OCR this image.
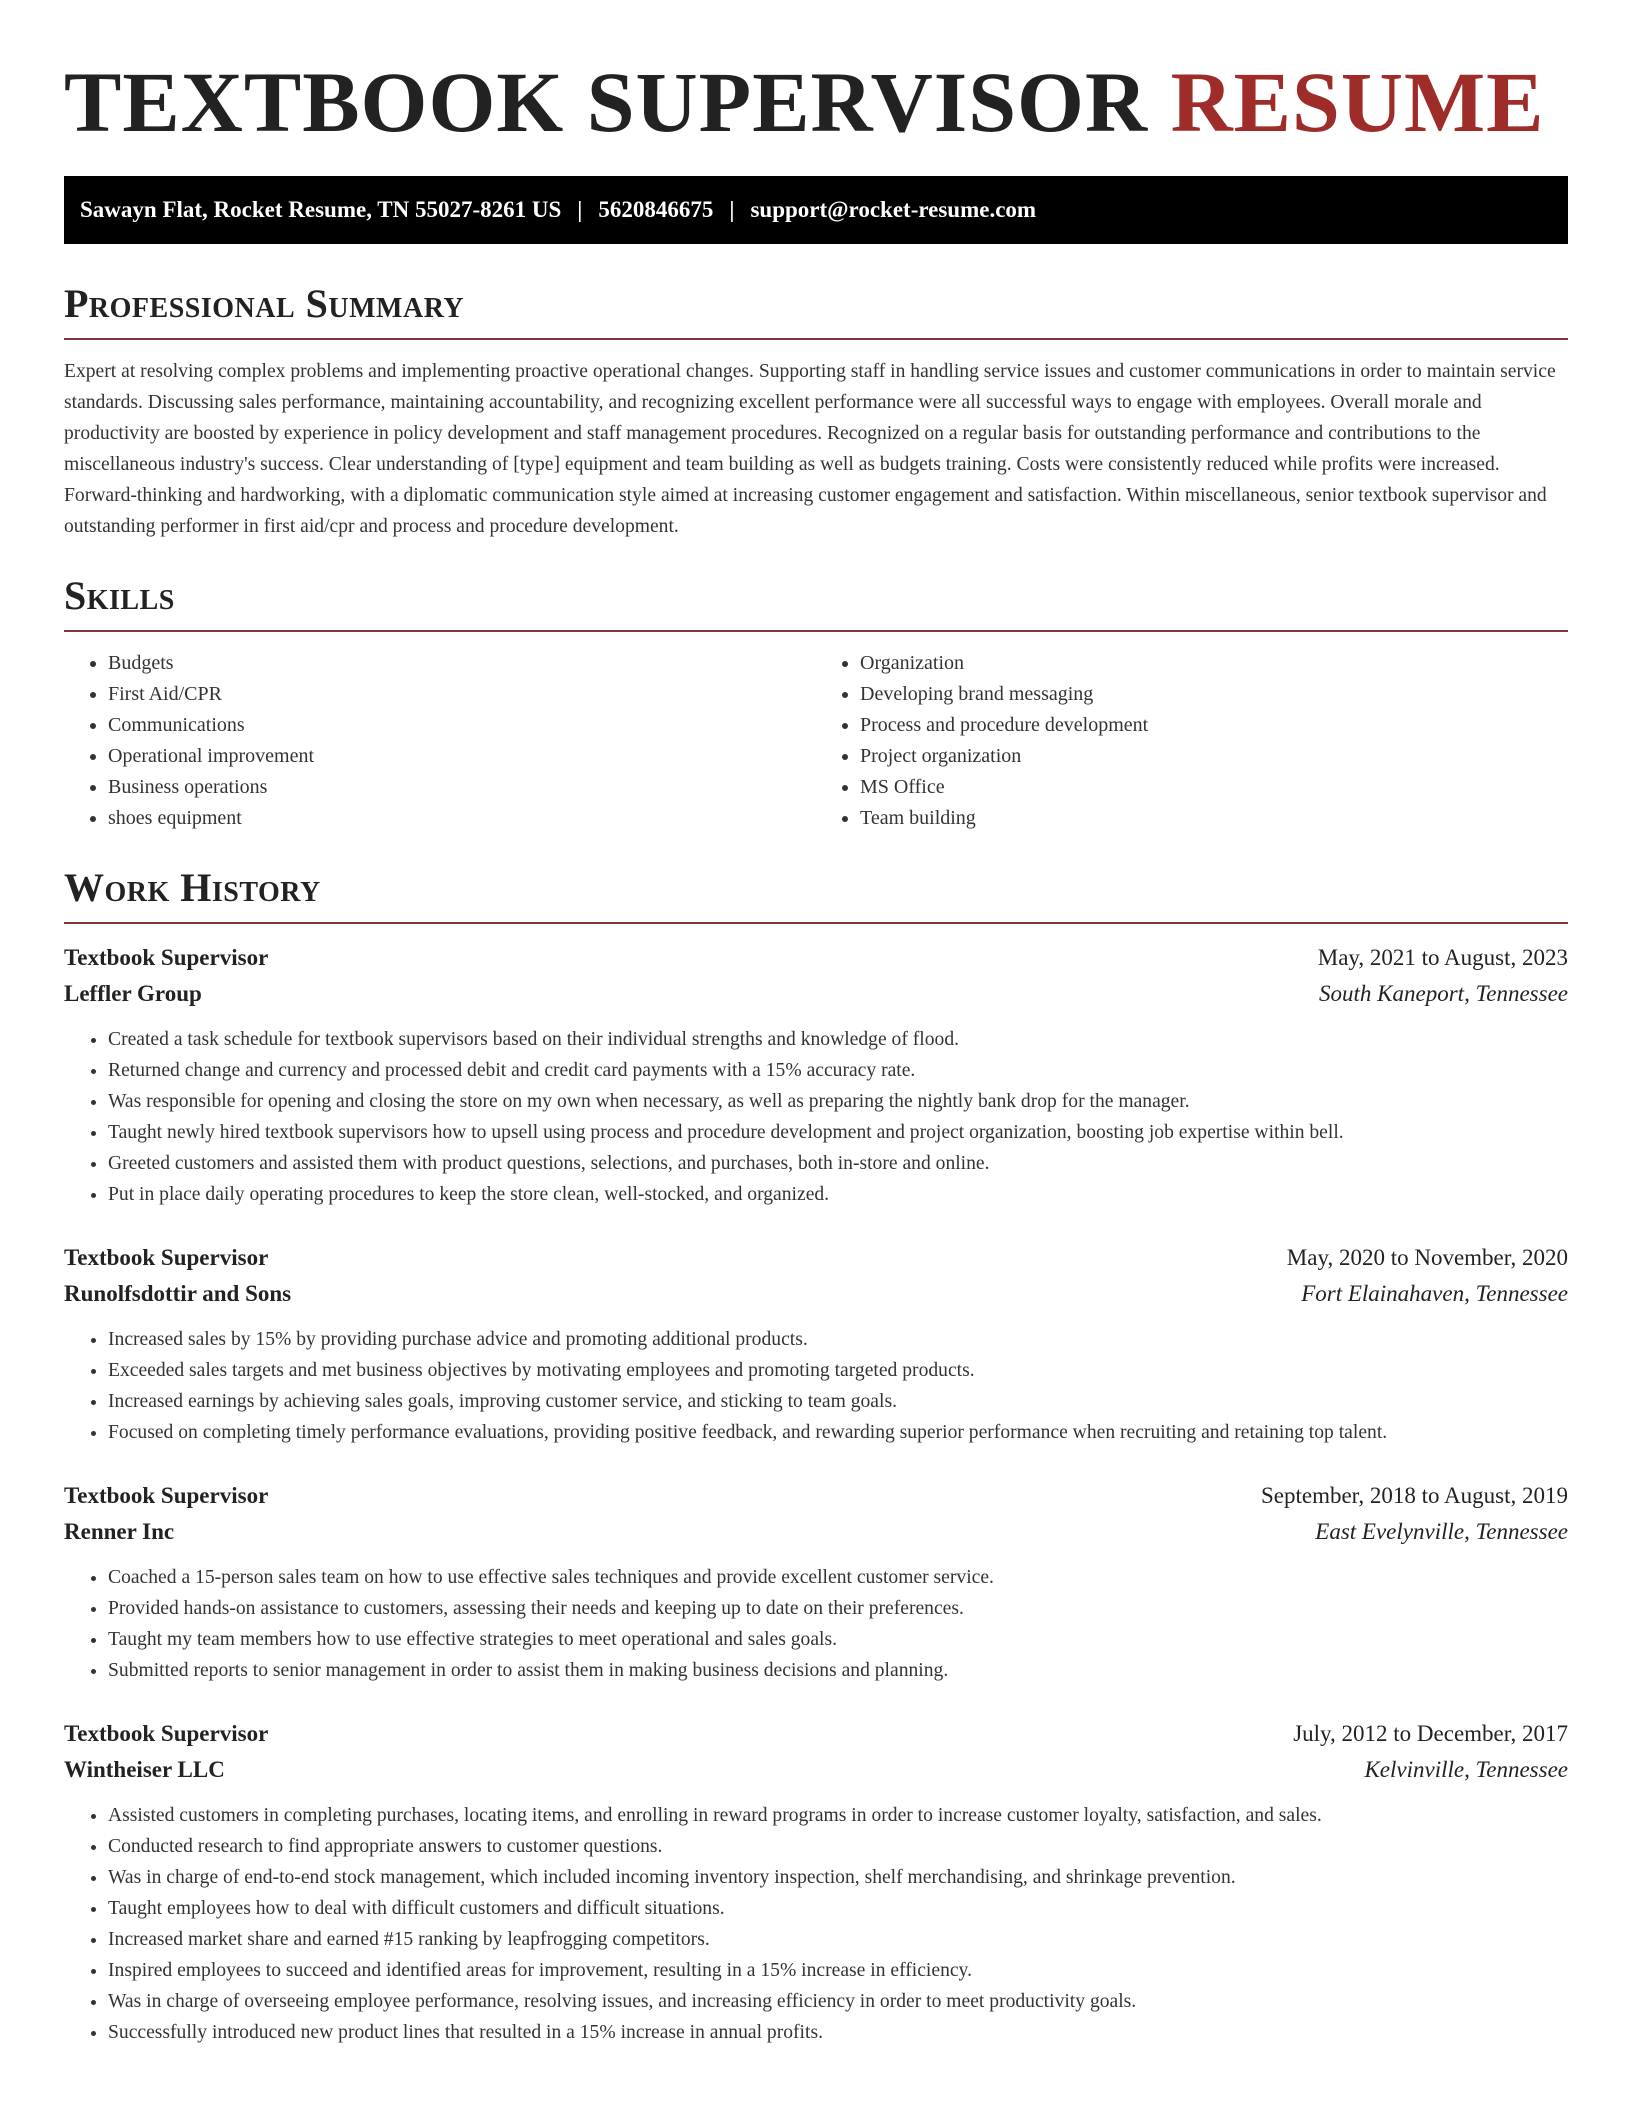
TEXTBOOK SUPERVISOR RESUME
Sawayn Flat, Rocket Resume, TN 55027-8261 US | 5620846675 | support@rocket-resume.com
Professional Summary

Expert at resolving complex problems and implementing proactive operational changes. Supporting staff in handling service issues and customer communications in order to maintain service standards. Discussing sales performance, maintaining accountability, and recognizing excellent performance were all successful ways to engage with employees. Overall morale and productivity are boosted by experience in policy development and staff management procedures. Recognized on a regular basis for outstanding performance and contributions to the miscellaneous industry's success. Clear understanding of [type] equipment and team building as well as budgets training. Costs were consistently reduced while profits were increased. Forward-thinking and hardworking, with a diplomatic communication style aimed at increasing customer engagement and satisfaction. Within miscellaneous, senior textbook supervisor and outstanding performer in first aid/cpr and process and procedure development.

Skills
• Budgets
• First Aid/CPR
• Communications
• Operational improvement
• Business operations
• shoes equipment
• Organization
• Developing brand messaging
• Process and procedure development
• Project organization
• MS Office
• Team building
Work History
Textbook Supervisor	May, 2021 to August, 2023
Leffler Group	South Kaneport, Tennessee
• Created a task schedule for textbook supervisors based on their individual strengths and knowledge of flood.
• Returned change and currency and processed debit and credit card payments with a 15% accuracy rate.
• Was responsible for opening and closing the store on my own when necessary, as well as preparing the nightly bank drop for the manager.
• Taught newly hired textbook supervisors how to upsell using process and procedure development and project organization, boosting job expertise within bell.
• Greeted customers and assisted them with product questions, selections, and purchases, both in-store and online.
• Put in place daily operating procedures to keep the store clean, well-stocked, and organized.
Textbook Supervisor	May, 2020 to November, 2020
Runolfsdottir and Sons	Fort Elainahaven, Tennessee
• Increased sales by 15% by providing purchase advice and promoting additional products.
• Exceeded sales targets and met business objectives by motivating employees and promoting targeted products.
• Increased earnings by achieving sales goals, improving customer service, and sticking to team goals.
• Focused on completing timely performance evaluations, providing positive feedback, and rewarding superior performance when recruiting and retaining top talent.
Textbook Supervisor	September, 2018 to August, 2019
Renner Inc	East Evelynville, Tennessee
• Coached a 15-person sales team on how to use effective sales techniques and provide excellent customer service.
• Provided hands-on assistance to customers, assessing their needs and keeping up to date on their preferences.
• Taught my team members how to use effective strategies to meet operational and sales goals.
• Submitted reports to senior management in order to assist them in making business decisions and planning.
Textbook Supervisor	July, 2012 to December, 2017
Wintheiser LLC	Kelvinville, Tennessee
• Assisted customers in completing purchases, locating items, and enrolling in reward programs in order to increase customer loyalty, satisfaction, and sales.
• Conducted research to find appropriate answers to customer questions.
• Was in charge of end-to-end stock management, which included incoming inventory inspection, shelf merchandising, and shrinkage prevention.
• Taught employees how to deal with difficult customers and difficult situations.
• Increased market share and earned #15 ranking by leapfrogging competitors.
• Inspired employees to succeed and identified areas for improvement, resulting in a 15% increase in efficiency.
• Was in charge of overseeing employee performance, resolving issues, and increasing efficiency in order to meet productivity goals.
• Successfully introduced new product lines that resulted in a 15% increase in annual profits.
